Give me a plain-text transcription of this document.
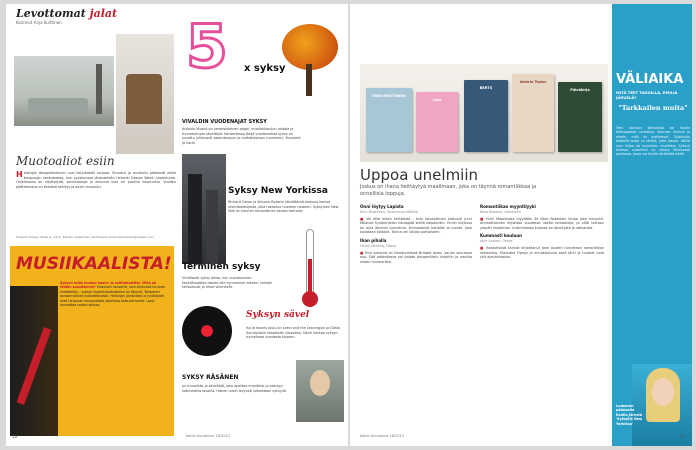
Levottomat jalat
Koonnut Anja Kuittinen
Muotoaliot esiin
Helsingin designhenkinen uusi ketjuhotelli tarjoaa. Sisustus ja muotoilu pääsevät esille kaupungin keskustassa, kun syyskuussa järjestetään Helsinki Design Week -tapahtuma. Ohjelmassa on näyttelyitä, seminaareja ja avoimia ovia eri puolilla kaupunkia. Vuoden pääteemana on kestävä kehitys ja avoin muotoilu.
Helsinki Design Week 6.–16.9. Tutustu ohjelmaan osoitteessa www.helsinkidesignweek.com.
MUSIIKAALISTA!
Syksyn tuliin kuuluu kuoro- ja soitinmusiikki. Mikä on teidän suosikkinne? Klassinen konsertti, rock-festivaali tai pieni klubikeikka – syksyn tapahtumakalenteri on täynnä. Tamperen kansainvälinen kuorofestivaali, Helsingin Juhlaviikot ja Jyväskylän kesä tarjoavat monipuolista ohjelmaa koko perheelle. Liput kannattaa varata ajoissa.
5 x syksy
VIVALDIN VUODENAJAT SYKSY
Antonio Vivaldi on venetsialainen pappi, musiikkikoulun johtaja ja tunnetuimpia säveltäjiä. Konsertossa Neljä vuodenaikaa syksy on kuvattu juhlavasti sadonkorjuun ja metsästyksen tunnelmin. Kuuntele ja nauti.
Syksy New Yorkissa
Richard Geren ja Winona Ryderin tähdittämä elokuva kertoo ravintoloitsijasta, joka rakastuu nuoreen naiseen. Syksyinen New York on kauniin romanttinen tausta tarinalle.
Terminen syksy
Virallisesti syksy alkaa, kun vuorokauden keskilämpötila laskee alle kymmenen asteen. Lehdet kellastuvat ja ilmat viilenevät.
Syksyn sävel
Iso ja kaunis laulu on Leevi and the Leavingsin ja Gösta Sundqvistin rakastettu klassikko. Sävel kantaa syksyn tunnelmaa vuodesta toiseen.
SYKSY RÄSÄNEN
on muusikko ja säveltäjä, joka opettaa musiikkia ja esiintyy kotimaisilla lavoilla. Hänen uusin levynsä julkaistaan syksyllä.
16	Kotiin Kuudenne 18/2012
ENNI MUSTONEN
Liisa
BERTS
Valerie Taylor
Päiväkirja
Uppoa unelmiin
Joskus on ihana heittäytyä maailmaan, joka on täynnä romantiikkaa ja onnellisia loppuja.
Onni löytyy Lapista
Enni Mustonen, Kustannus-Mäkelä

■ Voi että miten herttaista – kuin romanttinen elokuva! Juuri tällaista hyvänmielen hömppää sieltä kaipaankin. Ennin kirjoissa on aina lämmin tunnelma, kiinnostavat henkilöt ja luonto, joka kuvataan taidolla. Tarina vie lukijan pohjoiseen.

Ihan pihalla
Helen Fielding, Otava

■ Ensi syksynä on ilmestymässä Bridget Jones -sarjan seuraava osa. Sitä odotellessa voi palata alkuperäisiin kirjoihin ja nauttia niiden huumorista.

Romantiikan myyntilyyki
Nora Roberts, Harlequin

■ Huh! Maailmalla myydään 34 Nora Robertsin kirjaa joka minuutti. Ammattilainen kirjoittaa vuodessa useita romaaneja, ja niitä luetaan ympäri maailman. Uusimmassa kirjassa on jännitystä ja rakkautta.

Kummasti kouluun
Jane Austen, Otava

■ Ihastuttavat tarinat kirjoittanut Jane Austen tunnetaan romantiikan mestarina. Klassikot Ylpeys ja ennakkoluulo sekä Järki ja tunteet ovat yhä ajankohtaisia.

VÄLIAIKA
MITÄ TEET TAUOILLA, EMILIA JÄRVELÄ?
"Tarkkailen muita"
Teen lounaan kahvilassa tai nautin teekupposen rauhassa. Seuraan ihmisiä ja mietin, mitä he ajattelevat. Työpäivän keskellä tauko on tärkeä, jotta jaksaa. Välillä luen kirjaa tai kuuntelen musiikkia. Syksyn tullessa suosikkini on kävely läheisessä puistossa, jossa voi ihailla värikkäitä lehtiä.
Lumonen pääosalla Emilia Järvelä 'Syksyllä New Yorkissa'
Kotiin Kuudenne 18/2012	17
